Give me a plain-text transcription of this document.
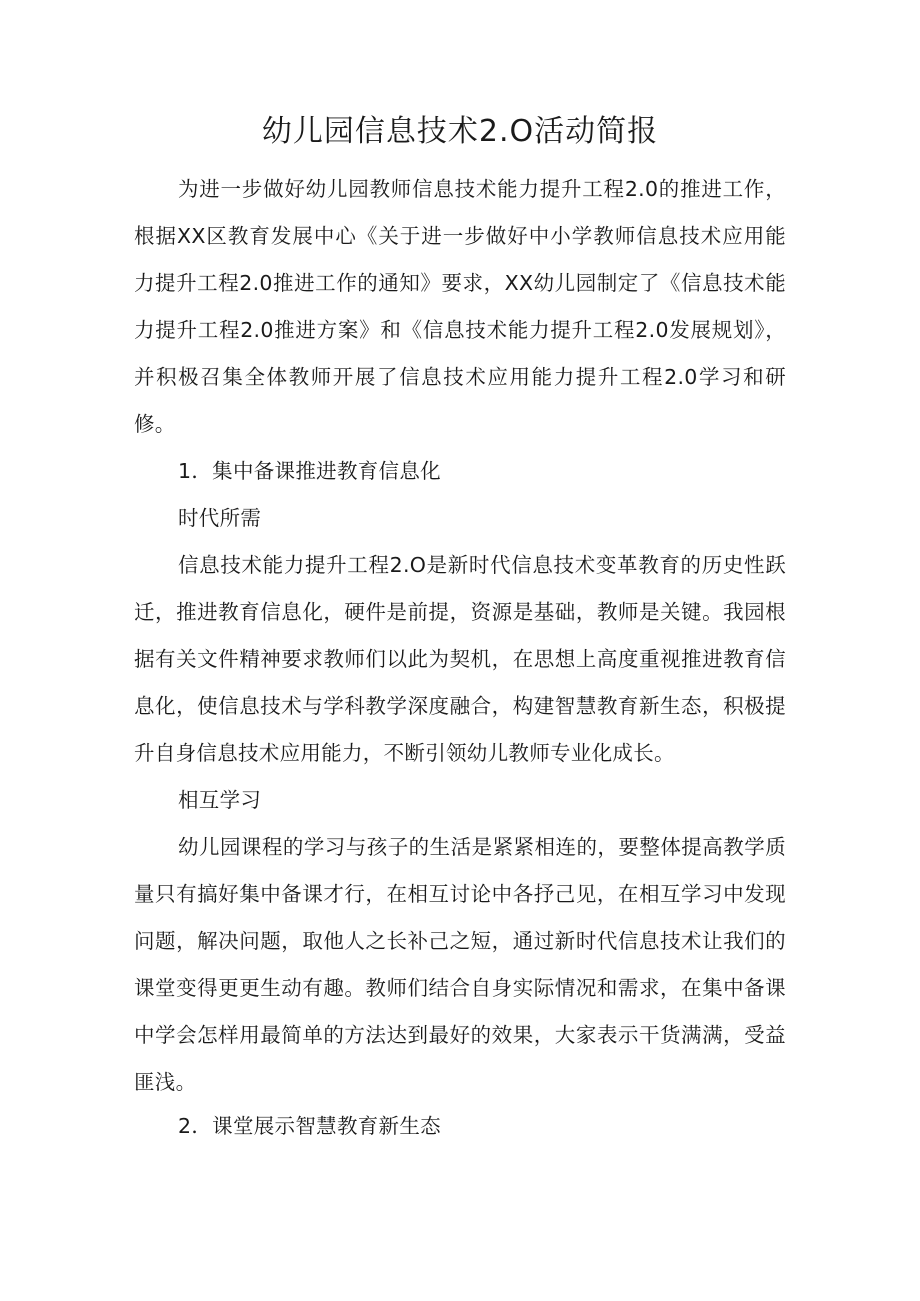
幼儿园信息技术2.O活动简报

为进一步做好幼儿园教师信息技术能力提升工程2.0的推进工作，根据XX区教育发展中心《关于进一步做好中小学教师信息技术应用能力提升工程2.0推进工作的通知》要求，XX幼儿园制定了《信息技术能力提升工程2.0推进方案》和《信息技术能力提升工程2.0发展规划》，并积极召集全体教师开展了信息技术应用能力提升工程2.0学习和研修。

1．集中备课推进教育信息化

时代所需

信息技术能力提升工程2.O是新时代信息技术变革教育的历史性跃迁，推进教育信息化，硬件是前提，资源是基础，教师是关键。我园根据有关文件精神要求教师们以此为契机，在思想上高度重视推进教育信息化，使信息技术与学科教学深度融合，构建智慧教育新生态，积极提升自身信息技术应用能力，不断引领幼儿教师专业化成长。

相互学习

幼儿园课程的学习与孩子的生活是紧紧相连的，要整体提高教学质量只有搞好集中备课才行，在相互讨论中各抒己见，在相互学习中发现问题，解决问题，取他人之长补己之短，通过新时代信息技术让我们的课堂变得更更生动有趣。教师们结合自身实际情况和需求，在集中备课中学会怎样用最简单的方法达到最好的效果，大家表示干货满满，受益匪浅。

2．课堂展示智慧教育新生态
